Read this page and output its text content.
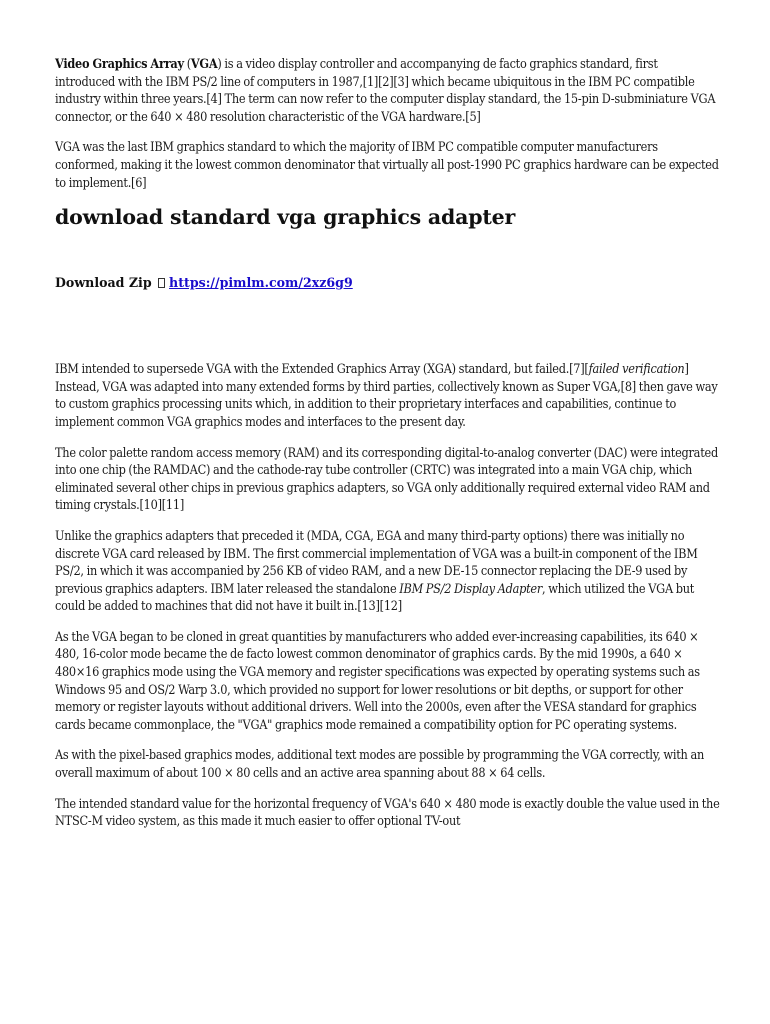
Video Graphics Array (VGA) is a video display controller and accompanying de facto graphics standard, first introduced with the IBM PS/2 line of computers in 1987,[1][2][3] which became ubiquitous in the IBM PC compatible industry within three years.[4] The term can now refer to the computer display standard, the 15-pin D-subminiature VGA connector, or the 640 × 480 resolution characteristic of the VGA hardware.[5]

VGA was the last IBM graphics standard to which the majority of IBM PC compatible computer manufacturers conformed, making it the lowest common denominator that virtually all post-1990 PC graphics hardware can be expected to implement.[6]

download standard vga graphics adapter
Download Zip https://pimlm.com/2xz6g9

IBM intended to supersede VGA with the Extended Graphics Array (XGA) standard, but failed.[7][failed verification] Instead, VGA was adapted into many extended forms by third parties, collectively known as Super VGA,[8] then gave way to custom graphics processing units which, in addition to their proprietary interfaces and capabilities, continue to implement common VGA graphics modes and interfaces to the present day.

The color palette random access memory (RAM) and its corresponding digital-to-analog converter (DAC) were integrated into one chip (the RAMDAC) and the cathode-ray tube controller (CRTC) was integrated into a main VGA chip, which eliminated several other chips in previous graphics adapters, so VGA only additionally required external video RAM and timing crystals.[10][11]

Unlike the graphics adapters that preceded it (MDA, CGA, EGA and many third-party options) there was initially no discrete VGA card released by IBM. The first commercial implementation of VGA was a built-in component of the IBM PS/2, in which it was accompanied by 256 KB of video RAM, and a new DE-15 connector replacing the DE-9 used by previous graphics adapters. IBM later released the standalone IBM PS/2 Display Adapter, which utilized the VGA but could be added to machines that did not have it built in.[13][12]

As the VGA began to be cloned in great quantities by manufacturers who added ever-increasing capabilities, its 640 × 480, 16-color mode became the de facto lowest common denominator of graphics cards. By the mid 1990s, a 640 × 480×16 graphics mode using the VGA memory and register specifications was expected by operating systems such as Windows 95 and OS/2 Warp 3.0, which provided no support for lower resolutions or bit depths, or support for other memory or register layouts without additional drivers. Well into the 2000s, even after the VESA standard for graphics cards became commonplace, the "VGA" graphics mode remained a compatibility option for PC operating systems.

As with the pixel-based graphics modes, additional text modes are possible by programming the VGA correctly, with an overall maximum of about 100 × 80 cells and an active area spanning about 88 × 64 cells.

The intended standard value for the horizontal frequency of VGA's 640 × 480 mode is exactly double the value used in the NTSC-M video system, as this made it much easier to offer optional TV-out
